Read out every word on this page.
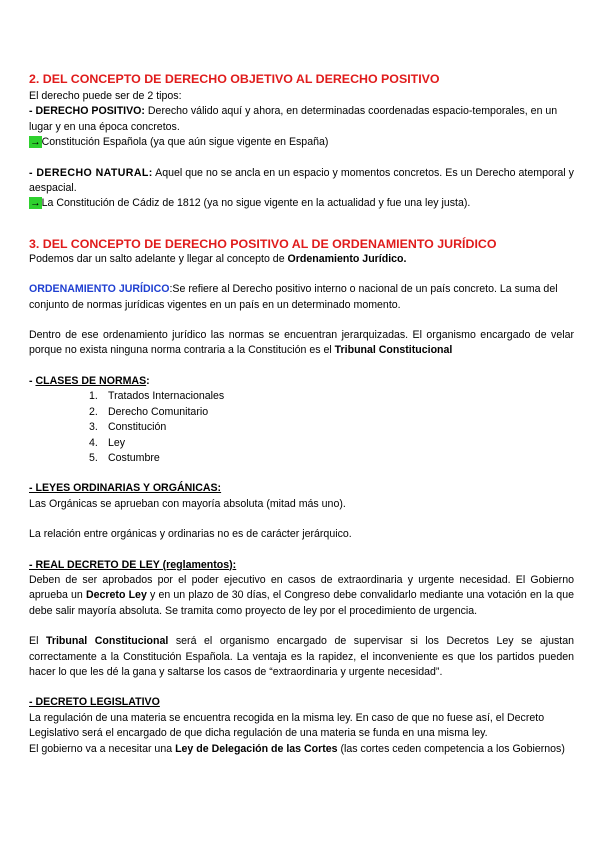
2. DEL CONCEPTO DE DERECHO OBJETIVO AL DERECHO POSITIVO

El derecho puede ser de 2 tipos:

- DERECHO POSITIVO: Derecho válido aquí y ahora, en determinadas coordenadas espacio-temporales, en un lugar y en una época concretos.

→Constitución Española (ya que aún sigue vigente en España)

- DERECHO NATURAL: Aquel que no se ancla en un espacio y momentos concretos. Es un Derecho atemporal y aespacial.

→La Constitución de Cádiz de 1812 (ya no sigue vigente en la actualidad y fue una ley justa).

3. DEL CONCEPTO DE DERECHO POSITIVO AL DE ORDENAMIENTO JURÍDICO

Podemos dar un salto adelante y llegar al concepto de Ordenamiento Jurídico.

ORDENAMIENTO JURÍDICO:Se refiere al Derecho positivo interno o nacional de un país concreto. La suma del conjunto de normas jurídicas vigentes en un país en un determinado momento.

Dentro de ese ordenamiento jurídico las normas se encuentran jerarquizadas. El organismo encargado de velar porque no exista ninguna norma contraria a la Constitución es el Tribunal Constitucional

- CLASES DE NORMAS:

1. Tratados Internacionales
2. Derecho Comunitario
3. Constitución
4. Ley
5. Costumbre

- LEYES ORDINARIAS Y ORGÁNICAS:

Las Orgánicas se aprueban con mayoría absoluta (mitad más uno).

La relación entre orgánicas y ordinarias no es de carácter jerárquico.

- REAL DECRETO DE LEY (reglamentos):

Deben de ser aprobados por el poder ejecutivo en casos de extraordinaria y urgente necesidad. El Gobierno aprueba un Decreto Ley y en un plazo de 30 días, el Congreso debe convalidarlo mediante una votación en la que debe salir mayoría absoluta. Se tramita como proyecto de ley por el procedimiento de urgencia.

El Tribunal Constitucional será el organismo encargado de supervisar si los Decretos Ley se ajustan correctamente a la Constitución Española. La ventaja es la rapidez, el inconveniente es que los partidos pueden hacer lo que les dé la gana y saltarse los casos de “extraordinaria y urgente necesidad”.

- DECRETO LEGISLATIVO

La regulación de una materia se encuentra recogida en la misma ley. En caso de que no fuese así, el Decreto Legislativo será el encargado de que dicha regulación de una materia se funda en una misma ley.

El gobierno va a necesitar una Ley de Delegación de las Cortes (las cortes ceden competencia a los Gobiernos)
